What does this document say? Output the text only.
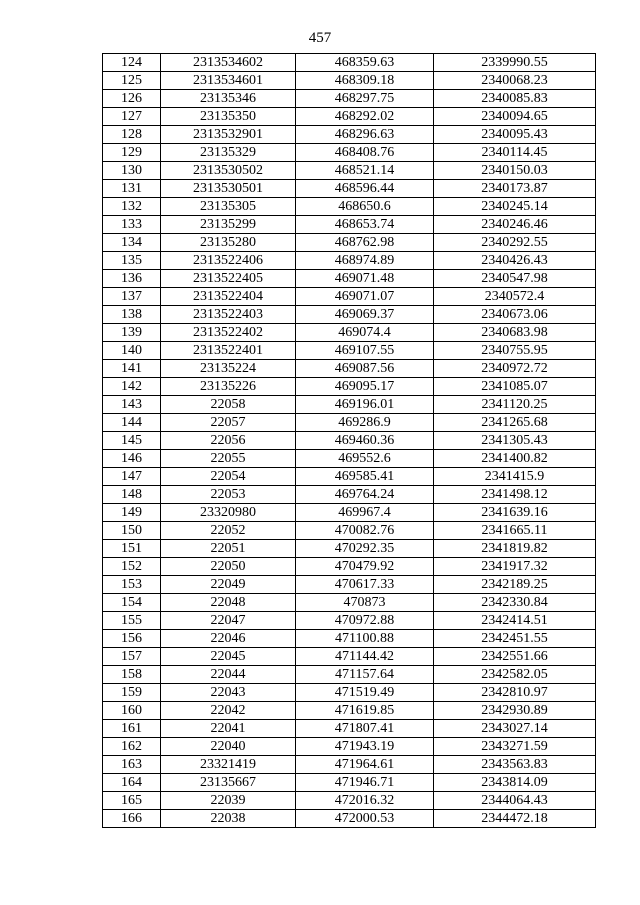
457
124	2313534602	468359.63	2339990.55
125	2313534601	468309.18	2340068.23
126	23135346	468297.75	2340085.83
127	23135350	468292.02	2340094.65
128	2313532901	468296.63	2340095.43
129	23135329	468408.76	2340114.45
130	2313530502	468521.14	2340150.03
131	2313530501	468596.44	2340173.87
132	23135305	468650.6	2340245.14
133	23135299	468653.74	2340246.46
134	23135280	468762.98	2340292.55
135	2313522406	468974.89	2340426.43
136	2313522405	469071.48	2340547.98
137	2313522404	469071.07	2340572.4
138	2313522403	469069.37	2340673.06
139	2313522402	469074.4	2340683.98
140	2313522401	469107.55	2340755.95
141	23135224	469087.56	2340972.72
142	23135226	469095.17	2341085.07
143	22058	469196.01	2341120.25
144	22057	469286.9	2341265.68
145	22056	469460.36	2341305.43
146	22055	469552.6	2341400.82
147	22054	469585.41	2341415.9
148	22053	469764.24	2341498.12
149	23320980	469967.4	2341639.16
150	22052	470082.76	2341665.11
151	22051	470292.35	2341819.82
152	22050	470479.92	2341917.32
153	22049	470617.33	2342189.25
154	22048	470873	2342330.84
155	22047	470972.88	2342414.51
156	22046	471100.88	2342451.55
157	22045	471144.42	2342551.66
158	22044	471157.64	2342582.05
159	22043	471519.49	2342810.97
160	22042	471619.85	2342930.89
161	22041	471807.41	2343027.14
162	22040	471943.19	2343271.59
163	23321419	471964.61	2343563.83
164	23135667	471946.71	2343814.09
165	22039	472016.32	2344064.43
166	22038	472000.53	2344472.18
